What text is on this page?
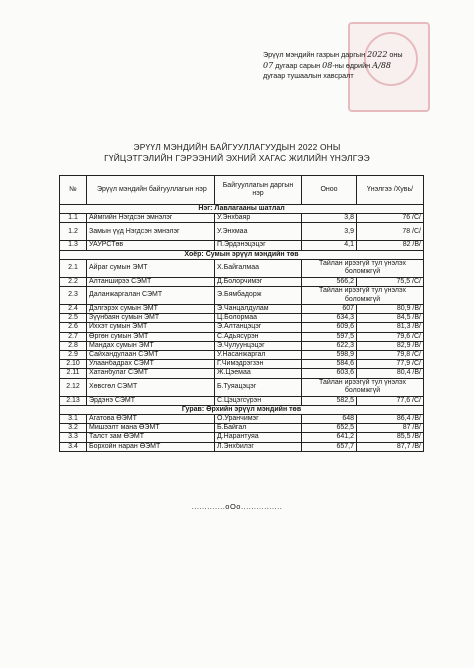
Эрүүл мэндийн газрын даргын 2022 оны
07 дугаар сарын 08-ны өдрийн А/88
дугаар тушаалын хавсралт
ЭРҮҮЛ МЭНДИЙН БАЙГУУЛЛАГУУДЫН 2022 ОНЫ
ГҮЙЦЭТГЭЛИЙН ГЭРЭЭНИЙ ЭХНИЙ ХАГАС ЖИЛИЙН ҮНЭЛГЭЭ
№	Эрүүл мэндийн байгууллагын нэр	Байгууллагын даргын нэр	Оноо	Үнэлгээ /Хувь/
Нэг: Лавлагааны шатлал				
1.1	Аймгийн Нэгдсэн эмнэлэг	У.Энхбаяр	3,8	76 /С/
1.2	Замын үүд Нэгдсэн эмнэлэг	У.Энхмаа	3,9	78 /С/
1.3	УАУРСТөв	П.Эрдэнэцэцэг	4,1	82 /В/
Хоёр: Сумын эрүүл мэндийн төв				
2.1	Айраг сумын ЭМТ	Х.Байгалмаа	Тайлан ирээгүй тул үнэлэх боломжгүй	
2.2	Алтанширээ СЭМТ	Д.Болорчимэг	566,2	75,5 /С/
2.3	Даланжаргалан СЭМТ	Э.Бямбадорж	Тайлан ирээгүй тул үнэлэх боломжгүй	
2.4	Дэлгэрэх сумын ЭМТ	Э.Чанцалдулам	607	80,9 /В/
2.5	Зүүнбаян сумын ЭМТ	Ц.Болормаа	634,3	84,5 /В/
2.6	Иххэт сумын ЭМТ	Э.Алтанцэцэг	609,6	81,3 /В/
2.7	Өргөн сумын ЭМТ	С.Адьясүрэн	597,5	79,6 /С/
2.8	Мандах сумын ЭМТ	Э.Чулуунцэцэг	622,3	82,9 /В/
2.9	Сайхандулаан СЭМТ	У.Насанжаргал	598,9	79,8 /С/
2.10	Улаанбадрах СЭМТ	Г.Чимэдрэгзэн	584,6	77,9 /С/
2.11	Хатанбулаг СЭМТ	Ж.Цэемаа	603,6	80,4 /В/
2.12	Хөвсгөл СЭМТ	Б.Туяацэцэг	Тайлан ирээгүй тул үнэлэх боломжгүй	
2.13	Эрдэнэ СЭМТ	С.Цэцэгсүрэн	582,5	77,6 /С/
Гурав: Өрхийн эрүүл мэндийн төв				
3.1	Агатова ӨЭМТ	О.Уранчимэг	648	86,4 /В/
3.2	Мишээлт мана ӨЭМТ	Б.Байгал	652,5	87 /В/
3.3	Талст зам ӨЭМТ	Д.Нарантуяа	641,2	85,5 /В/
3.4	Борхойн наран ӨЭМТ	Л.Энхбилэг	657,7	87,7 /В/
.............oOo................
